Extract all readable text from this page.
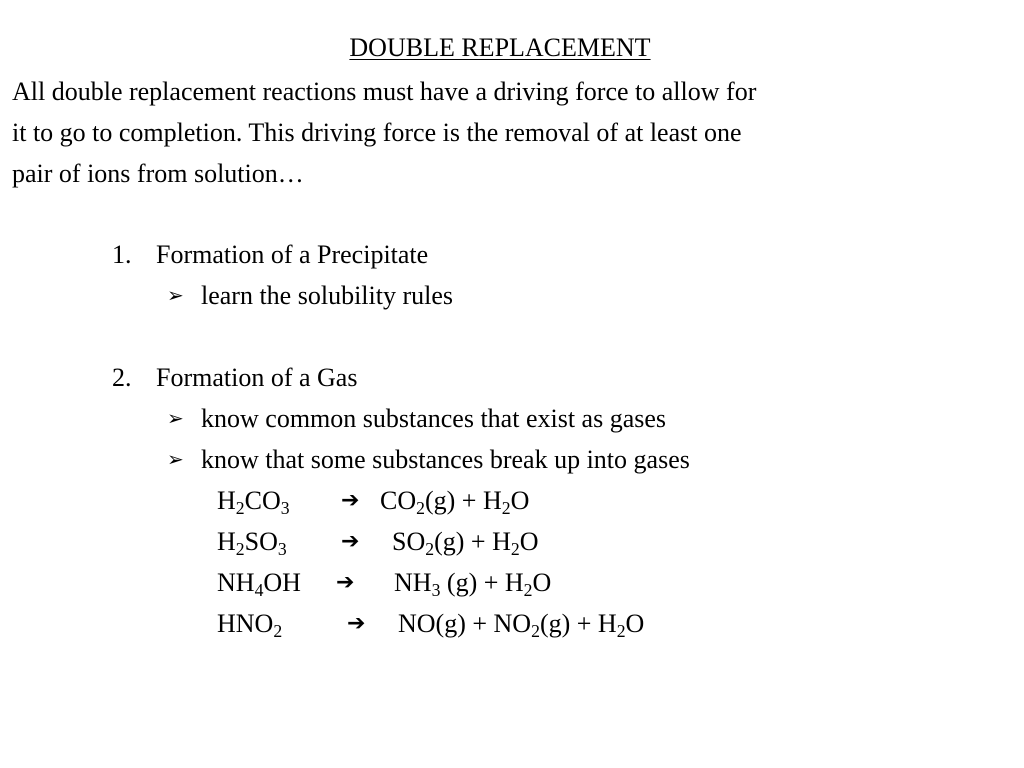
DOUBLE REPLACEMENT
All double replacement reactions must have a driving force to allow for
it to go to completion. This driving force is the removal of at least one
pair of ions from solution…
1. Formation of a Precipitate
➢ learn the solubility rules
2. Formation of a Gas
➢ know common substances that exist as gases
➢ know that some substances break up into gases
$H_2CO_3$ ➔ $CO_2(g) + H_2O$
$H_2SO_3$ ➔ $SO_2(g) + H_2O$
$NH_4OH$ ➔ $NH_3$ $(g) + H_2O$
$HNO_2$	➔ $NO(g) + NO_2(g) + H_2O$
